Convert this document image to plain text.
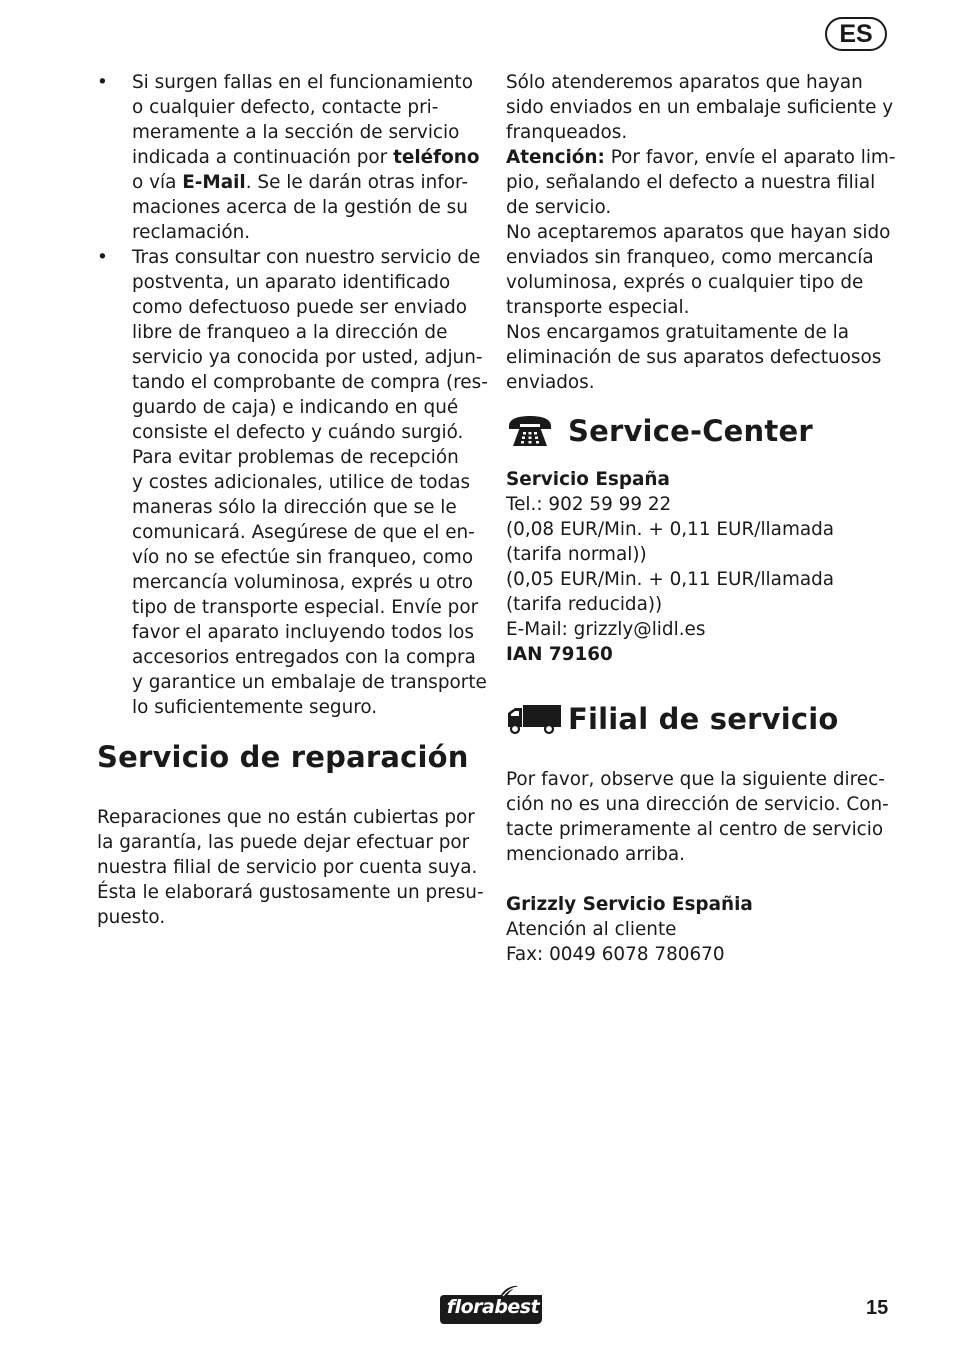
ES
• Si surgen fallas en el funcionamiento
o cualquier defecto, contacte pri-
meramente a la sección de servicio
indicada a continuación por teléfono
o vía E-Mail. Se le darán otras infor-
maciones acerca de la gestión de su
reclamación.
• Tras consultar con nuestro servicio de
postventa, un aparato identificado
como defectuoso puede ser enviado
libre de franqueo a la dirección de
servicio ya conocida por usted, adjun-
tando el comprobante de compra (res-
guardo de caja) e indicando en qué
consiste el defecto y cuándo surgió.
Para evitar problemas de recepción
y costes adicionales, utilice de todas
maneras sólo la dirección que se le
comunicará. Asegúrese de que el en-
vío no se efectúe sin franqueo, como
mercancía voluminosa, exprés u otro
tipo de transporte especial. Envíe por
favor el aparato incluyendo todos los
accesorios entregados con la compra
y garantice un embalaje de transporte
lo suficientemente seguro.
Servicio de reparación
Reparaciones que no están cubiertas por
la garantía, las puede dejar efectuar por
nuestra filial de servicio por cuenta suya.
Ésta le elaborará gustosamente un presu-
puesto.
Sólo atenderemos aparatos que hayan
sido enviados en un embalaje suficiente y
franqueados.
Atención: Por favor, envíe el aparato lim-
pio, señalando el defecto a nuestra filial
de servicio.
No aceptaremos aparatos que hayan sido
enviados sin franqueo, como mercancía
voluminosa, exprés o cualquier tipo de
transporte especial.
Nos encargamos gratuitamente de la
eliminación de sus aparatos defectuosos
enviados.
Service-Center
Servicio España
Tel.: 902 59 99 22
(0,08 EUR/Min. + 0,11 EUR/llamada
(tarifa normal))
(0,05 EUR/Min. + 0,11 EUR/llamada
(tarifa reducida))
E-Mail: grizzly@lidl.es
IAN 79160
Filial de servicio
Por favor, observe que la siguiente direc-
ción no es una dirección de servicio. Con-
tacte primeramente al centro de servicio
mencionado arriba.
Grizzly Servicio Españia
Atención al cliente
Fax: 0049 6078 780670
florabest	15
